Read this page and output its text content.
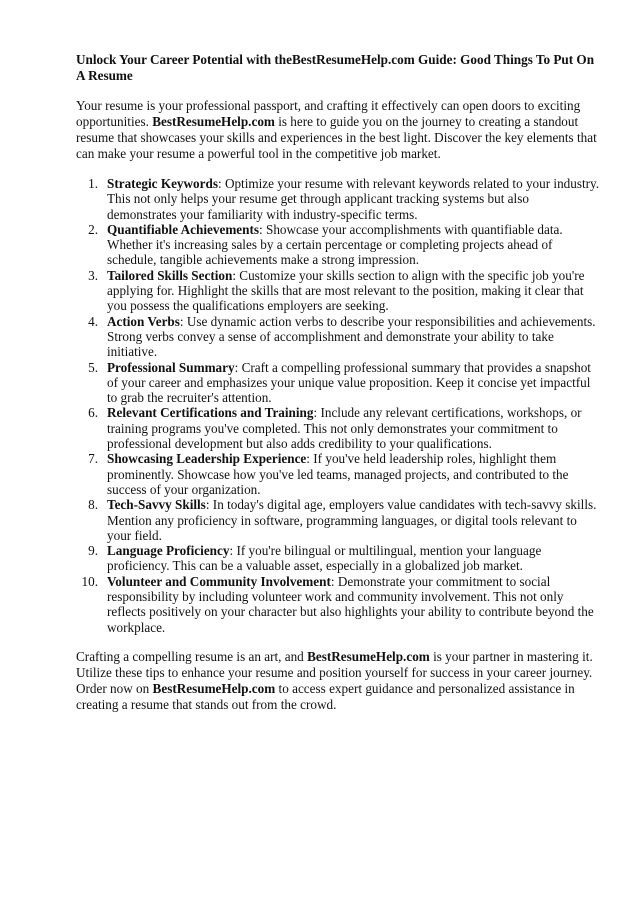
Unlock Your Career Potential with theBestResumeHelp.com Guide: Good Things To Put On A Resume

Your resume is your professional passport, and crafting it effectively can open doors to exciting opportunities. BestResumeHelp.com is here to guide you on the journey to creating a standout resume that showcases your skills and experiences in the best light. Discover the key elements that can make your resume a powerful tool in the competitive job market.

1. Strategic Keywords: Optimize your resume with relevant keywords related to your industry. This not only helps your resume get through applicant tracking systems but also demonstrates your familiarity with industry-specific terms.
2. Quantifiable Achievements: Showcase your accomplishments with quantifiable data. Whether it's increasing sales by a certain percentage or completing projects ahead of schedule, tangible achievements make a strong impression.
3. Tailored Skills Section: Customize your skills section to align with the specific job you're applying for. Highlight the skills that are most relevant to the position, making it clear that you possess the qualifications employers are seeking.
4. Action Verbs: Use dynamic action verbs to describe your responsibilities and achievements. Strong verbs convey a sense of accomplishment and demonstrate your ability to take initiative.
5. Professional Summary: Craft a compelling professional summary that provides a snapshot of your career and emphasizes your unique value proposition. Keep it concise yet impactful to grab the recruiter's attention.
6. Relevant Certifications and Training: Include any relevant certifications, workshops, or training programs you've completed. This not only demonstrates your commitment to professional development but also adds credibility to your qualifications.
7. Showcasing Leadership Experience: If you've held leadership roles, highlight them prominently. Showcase how you've led teams, managed projects, and contributed to the success of your organization.
8. Tech-Savvy Skills: In today's digital age, employers value candidates with tech-savvy skills. Mention any proficiency in software, programming languages, or digital tools relevant to your field.
9. Language Proficiency: If you're bilingual or multilingual, mention your language proficiency. This can be a valuable asset, especially in a globalized job market.
10. Volunteer and Community Involvement: Demonstrate your commitment to social responsibility by including volunteer work and community involvement. This not only reflects positively on your character but also highlights your ability to contribute beyond the workplace.

Crafting a compelling resume is an art, and BestResumeHelp.com is your partner in mastering it. Utilize these tips to enhance your resume and position yourself for success in your career journey. Order now on BestResumeHelp.com to access expert guidance and personalized assistance in creating a resume that stands out from the crowd.
